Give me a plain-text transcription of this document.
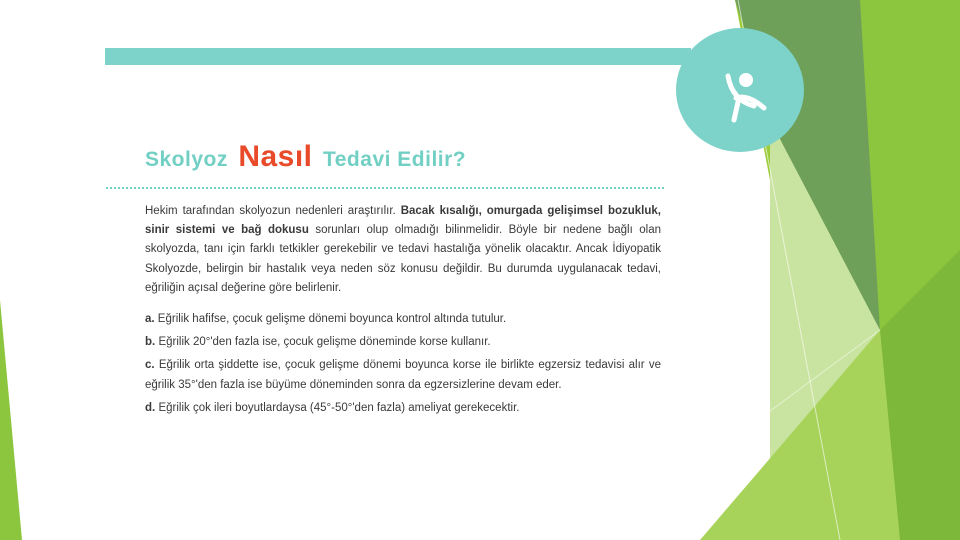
Skolyoz Nasıl Tedavi Edilir?

Hekim tarafından skolyozun nedenleri araştırılır. Bacak kısalığı, omurgada gelişimsel bozukluk, sinir sistemi ve bağ dokusu sorunları olup olmadığı bilinmelidir. Böyle bir nedene bağlı olan skolyozda, tanı için farklı tetkikler gerekebilir ve tedavi hastalığa yönelik olacaktır. Ancak İdiyopatik Skolyozde, belirgin bir hastalık veya neden söz konusu değildir. Bu durumda uygulanacak tedavi, eğriliğin açısal değerine göre belirlenir.

a. Eğrilik hafifse, çocuk gelişme dönemi boyunca kontrol altında tutulur.
b. Eğrilik 20°'den fazla ise, çocuk gelişme döneminde korse kullanır.
c. Eğrilik orta şiddette ise, çocuk gelişme dönemi boyunca korse ile birlikte egzersiz tedavisi alır ve eğrilik 35°'den fazla ise büyüme döneminden sonra da egzersizlerine devam eder.
d. Eğrilik çok ileri boyutlardaysa (45°-50°'den fazla) ameliyat gerekecektir.
